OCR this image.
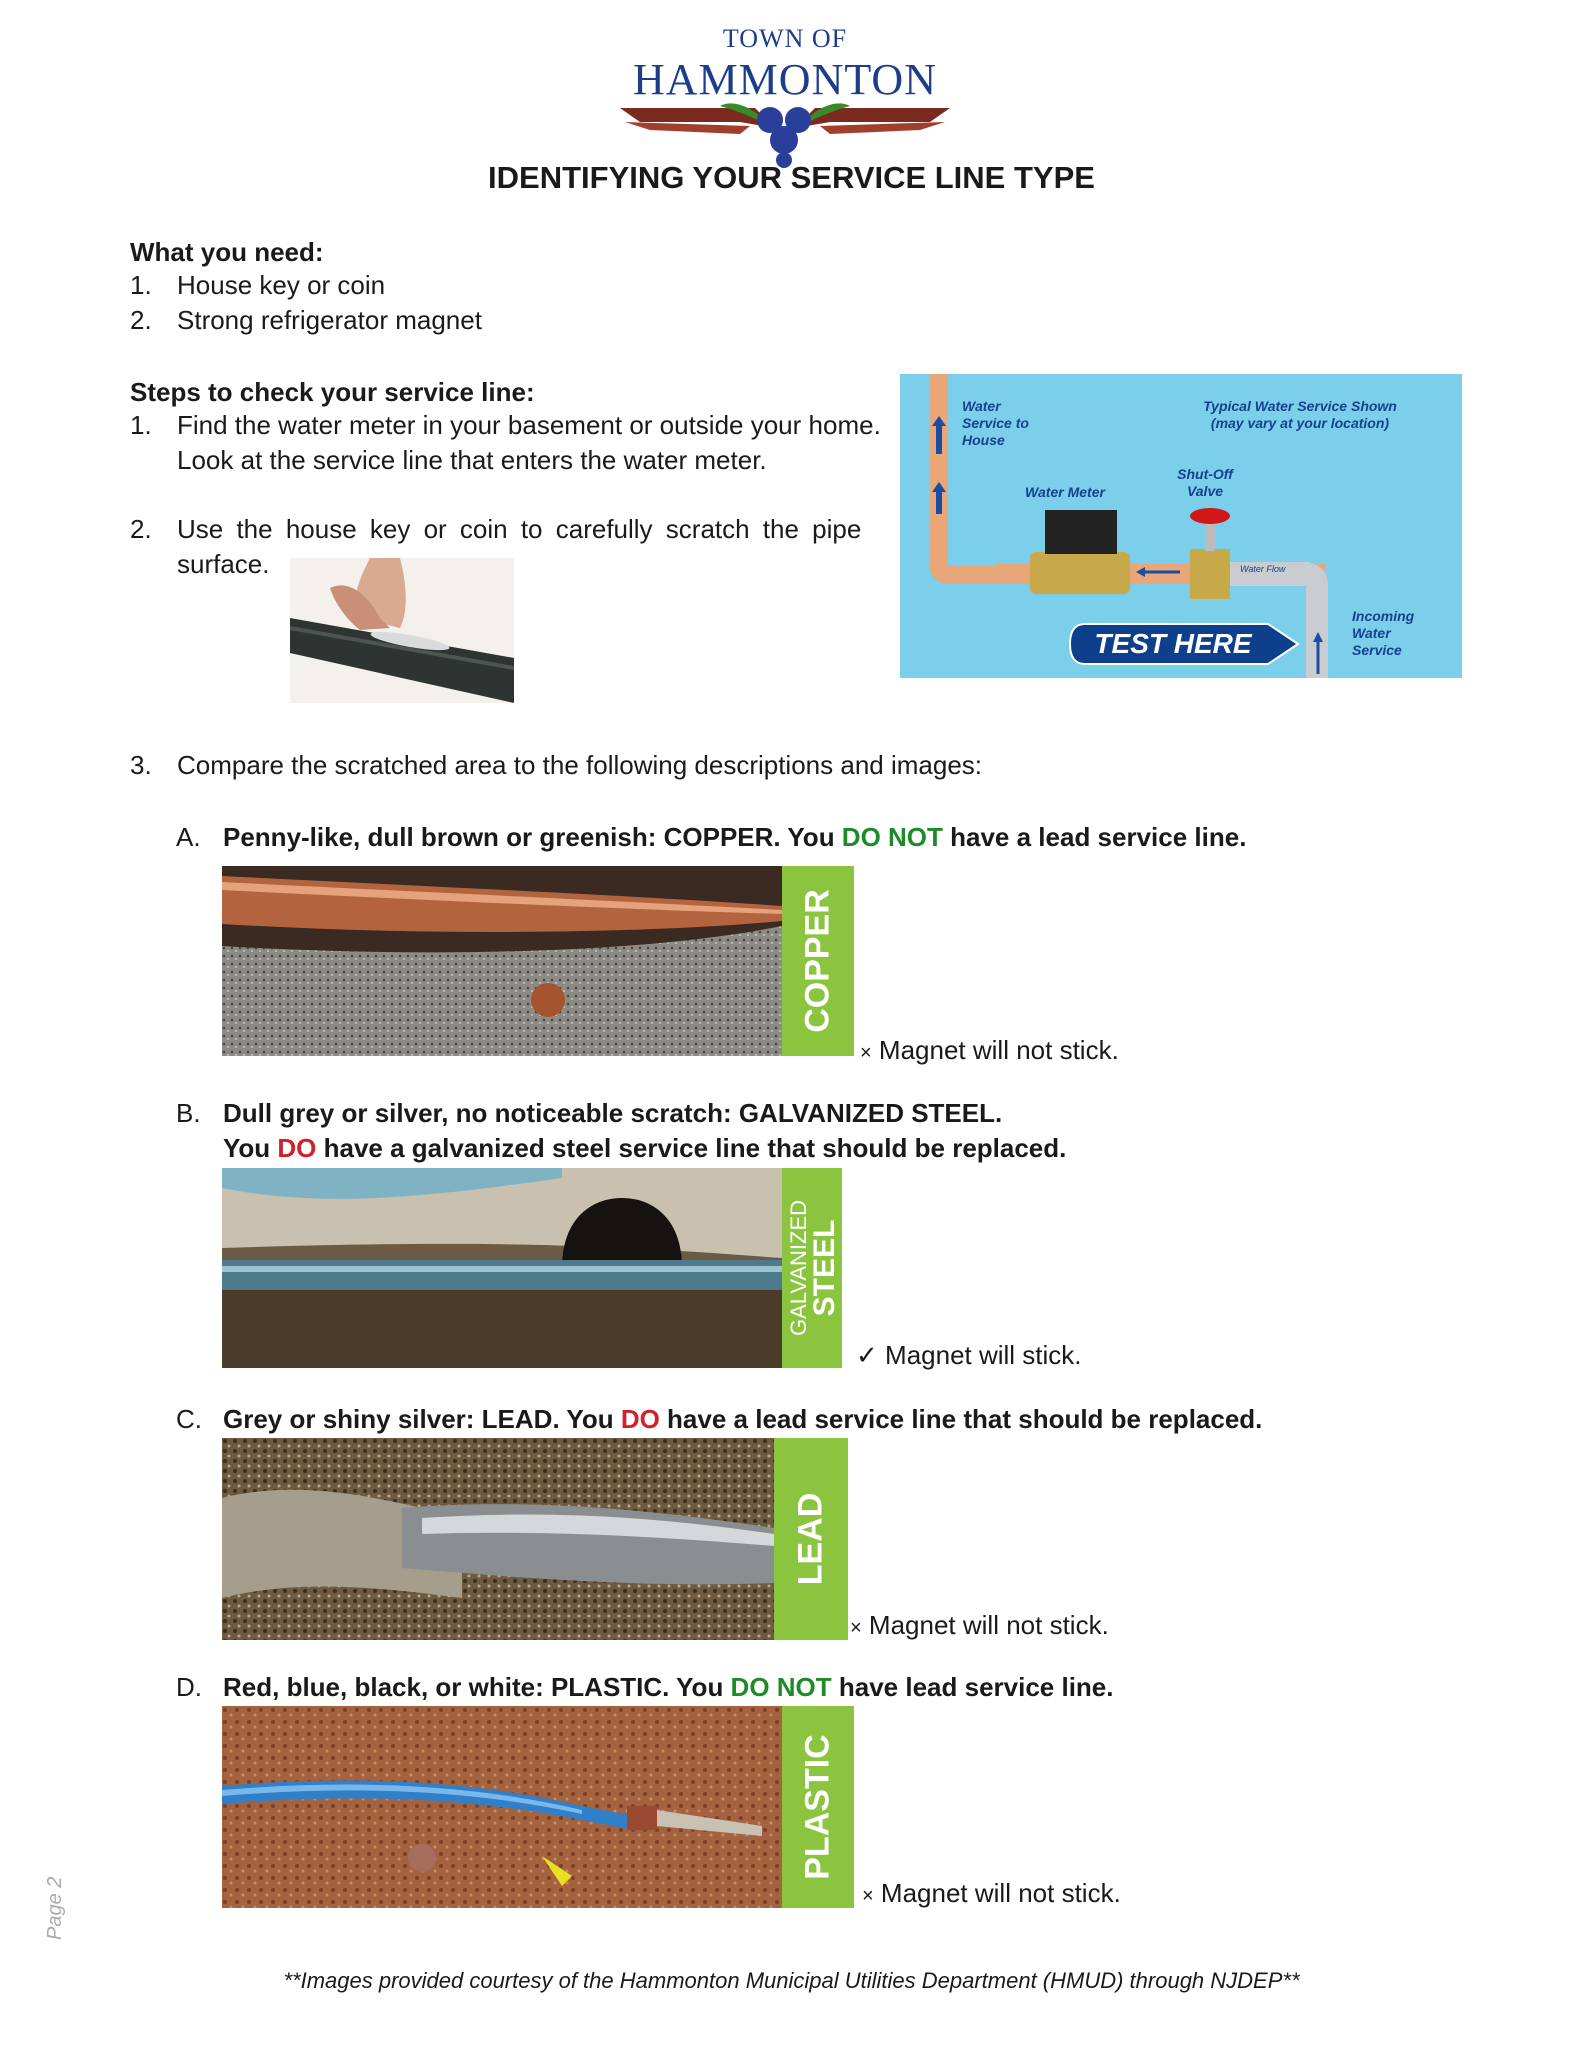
TOWN OF
HAMMONTON
IDENTIFYING YOUR SERVICE LINE TYPE
What you need:
1. House key or coin
2. Strong refrigerator magnet
Steps to check your service line:
1. Find the water meter in your basement or outside your home.
Look at the service line that enters the water meter.
2. Use the house key or coin to carefully scratch the pipe
surface.
Water Service to House
Typical Water Service Shown
(may vary at your location)
Shut-Off Valve
Water Meter
Water Flow
TEST HERE
Incoming Water Service
3. Compare the scratched area to the following descriptions and images:
A. Penny-like, dull brown or greenish: COPPER. You DO NOT have a lead service line.
COPPER
× Magnet will not stick.
B. Dull grey or silver, no noticeable scratch: GALVANIZED STEEL.
You DO have a galvanized steel service line that should be replaced.
GALVANIZED
STEEL
✓ Magnet will stick.
C. Grey or shiny silver: LEAD. You DO have a lead service line that should be replaced.
LEAD
× Magnet will not stick.
D. Red, blue, black, or white: PLASTIC. You DO NOT have lead service line.
PLASTIC
× Magnet will not stick.
Page 2
**Images provided courtesy of the Hammonton Municipal Utilities Department (HMUD) through NJDEP**
